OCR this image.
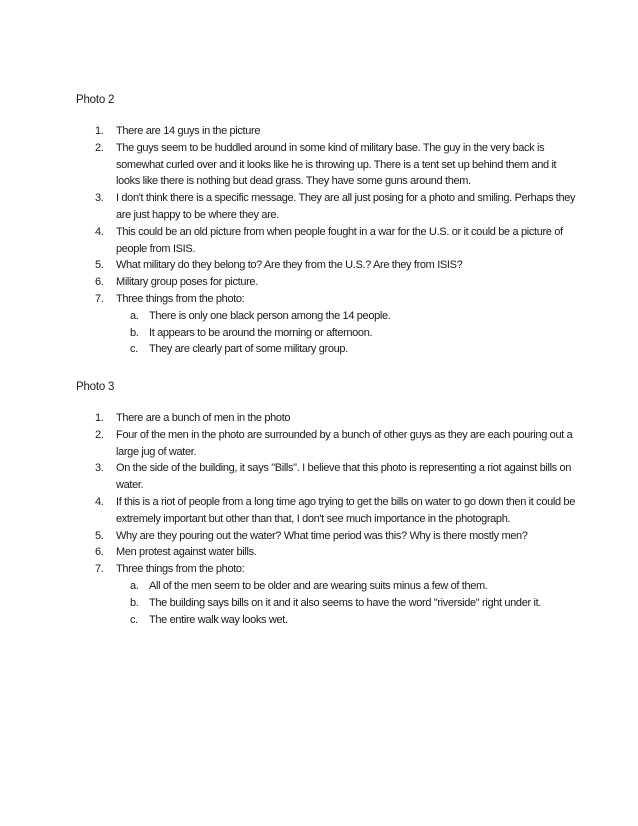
Photo 2

1. There are 14 guys in the picture
2. The guys seem to be huddled around in some kind of military base. The guy in the very back is somewhat curled over and it looks like he is throwing up. There is a tent set up behind them and it looks like there is nothing but dead grass. They have some guns around them.
3. I don't think there is a specific message. They are all just posing for a photo and smiling. Perhaps they are just happy to be where they are.
4. This could be an old picture from when people fought in a war for the U.S. or it could be a picture of people from ISIS.
5. What military do they belong to? Are they from the U.S.? Are they from ISIS?
6. Military group poses for picture.
7. Three things from the photo:
a. There is only one black person among the 14 people.
b. It appears to be around the morning or afternoon.
c. They are clearly part of some military group.

Photo 3

1. There are a bunch of men in the photo
2. Four of the men in the photo are surrounded by a bunch of other guys as they are each pouring out a large jug of water.
3. On the side of the building, it says "Bills". I believe that this photo is representing a riot against bills on water.
4. If this is a riot of people from a long time ago trying to get the bills on water to go down then it could be extremely important but other than that, I don't see much importance in the photograph.
5. Why are they pouring out the water? What time period was this? Why is there mostly men?
6. Men protest against water bills.
7. Three things from the photo:
a. All of the men seem to be older and are wearing suits minus a few of them.
b. The building says bills on it and it also seems to have the word "riverside" right under it.
c. The entire walk way looks wet.
